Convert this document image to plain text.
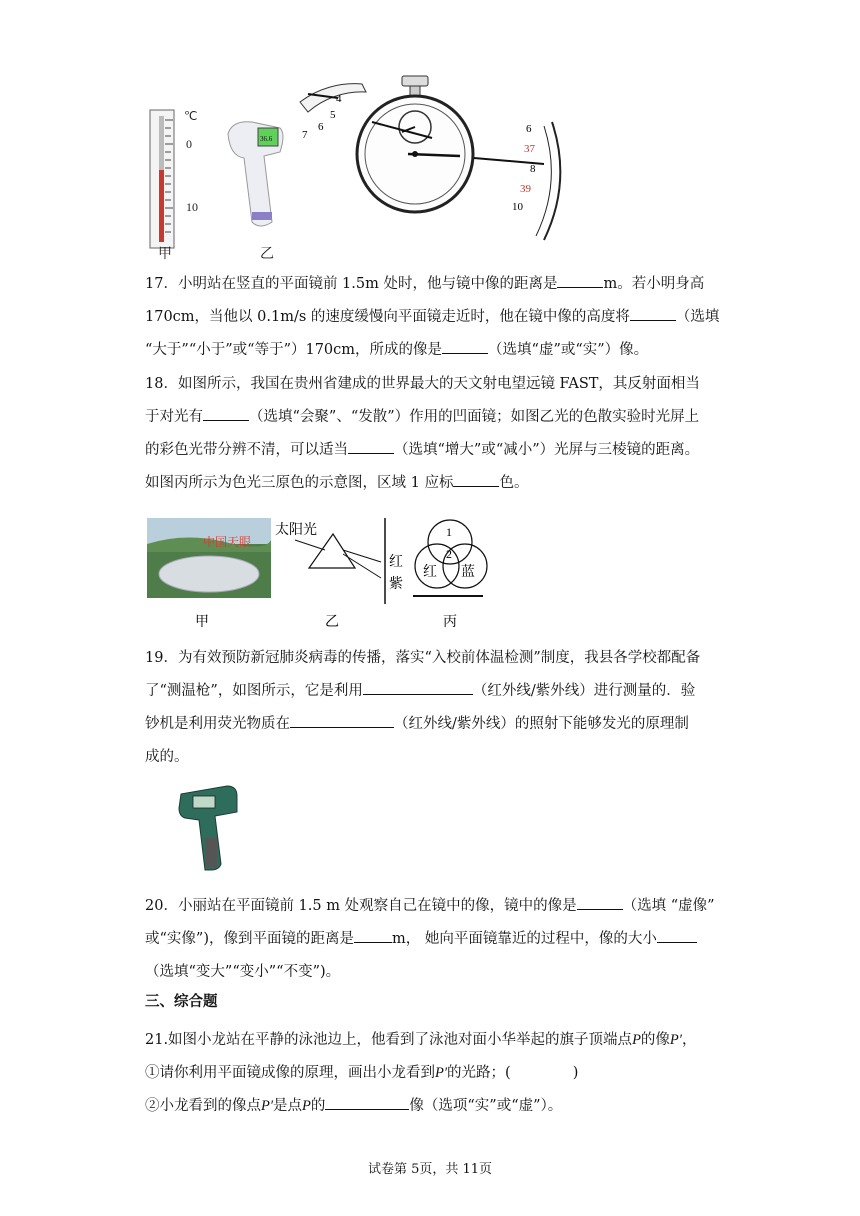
℃
0
10
甲
36.6
乙
4
5
6
7	6
37
8
39
10
17．小明站在竖直的平面镜前 1.5m 处时，他与镜中像的距离是	m。若小明身高
170cm，当他以 0.1m/s 的速度缓慢向平面镜走近时，他在镜中像的高度将	（选填
“大于”“小于”或“等于”）170cm，所成的像是	（选填“虚”或“实”）像。
18．如图所示，我国在贵州省建成的世界最大的天文射电望远镜 FAST，其反射面相当
于对光有	（选填“会聚”、“发散”）作用的凹面镜；如图乙光的色散实验时光屏上
的彩色光带分辨不清，可以适当	（选填“增大”或“减小”）光屏与三棱镜的距离。
如图丙所示为色光三原色的示意图，区域 1 应标	色。
中国天眼
甲
太阳光
红
紫
乙
1
2
红 蓝
丙
19．为有效预防新冠肺炎病毒的传播，落实“入校前体温检测”制度，我县各学校都配备
了“测温枪”，如图所示，它是利用	（红外线/紫外线）进行测量的．验
钞机是利用荧光物质在	（红外线/紫外线）的照射下能够发光的原理制
成的。
20．小丽站在平面镜前 1.5 m 处观察自己在镜中的像，镜中的像是	（选填 “虚像”
或“实像”)，像到平面镜的距离是	m， 她向平面镜靠近的过程中，像的大小
（选填“变大”“变小”“不变”)。
三、综合题
21.如图小龙站在平静的泳池边上，他看到了泳池对面小华举起的旗子顶端点P的像P′，
①请你利用平面镜成像的原理，画出小龙看到P′的光路；(	)
②小龙看到的像点P′是点P的	像（选项“实”或“虚”）。
试卷第 5页，共 11页
